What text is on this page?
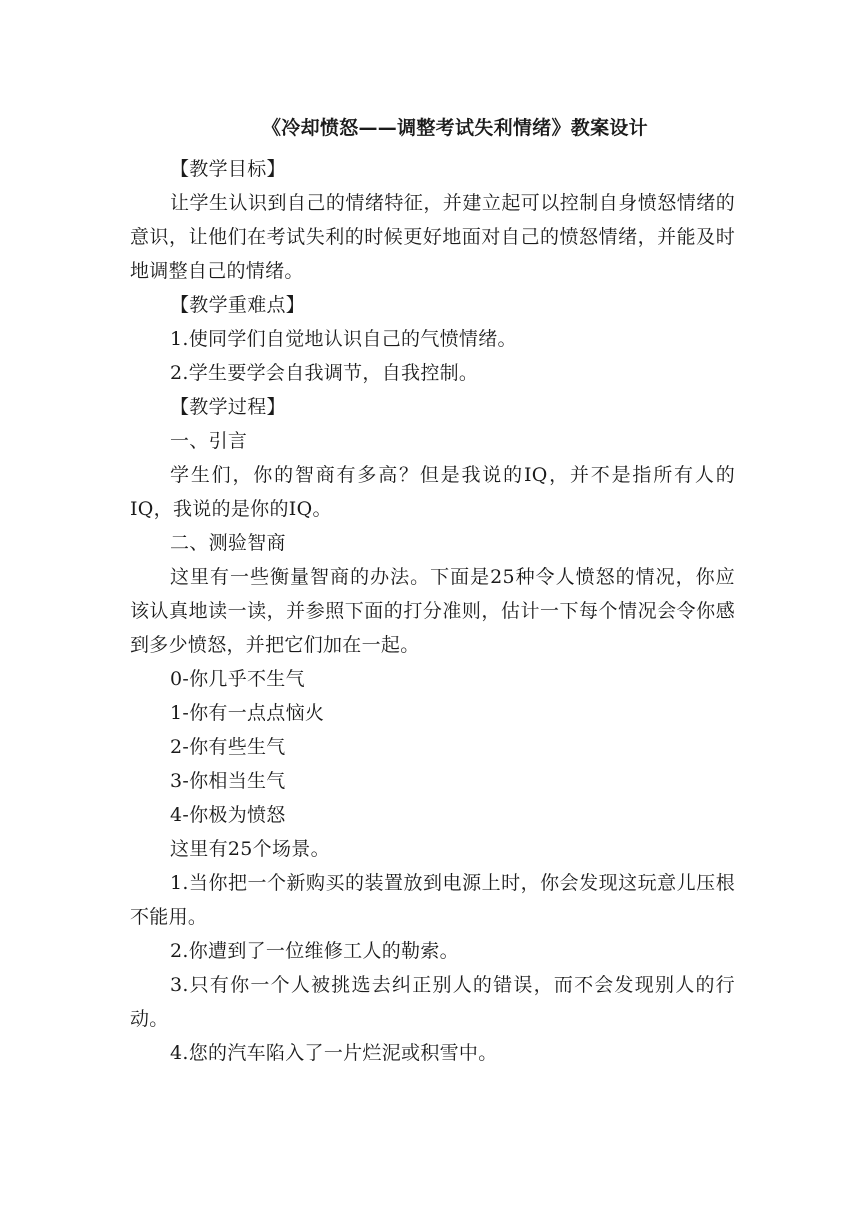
《冷却愤怒——调整考试失利情绪》教案设计

【教学目标】

让学生认识到自己的情绪特征，并建立起可以控制自身愤怒情绪的意识，让他们在考试失利的时候更好地面对自己的愤怒情绪，并能及时地调整自己的情绪。

【教学重难点】

1.使同学们自觉地认识自己的气愤情绪。

2.学生要学会自我调节，自我控制。

【教学过程】

一、引言

学生们，你的智商有多高？但是我说的IQ，并不是指所有人的IQ，我说的是你的IQ。

二、测验智商

这里有一些衡量智商的办法。下面是25种令人愤怒的情况，你应该认真地读一读，并参照下面的打分准则，估计一下每个情况会令你感到多少愤怒，并把它们加在一起。

0-你几乎不生气

1-你有一点点恼火

2-你有些生气

3-你相当生气

4-你极为愤怒

这里有25个场景。

1.当你把一个新购买的装置放到电源上时，你会发现这玩意儿压根不能用。

2.你遭到了一位维修工人的勒索。

3.只有你一个人被挑选去纠正别人的错误，而不会发现别人的行动。

4.您的汽车陷入了一片烂泥或积雪中。
